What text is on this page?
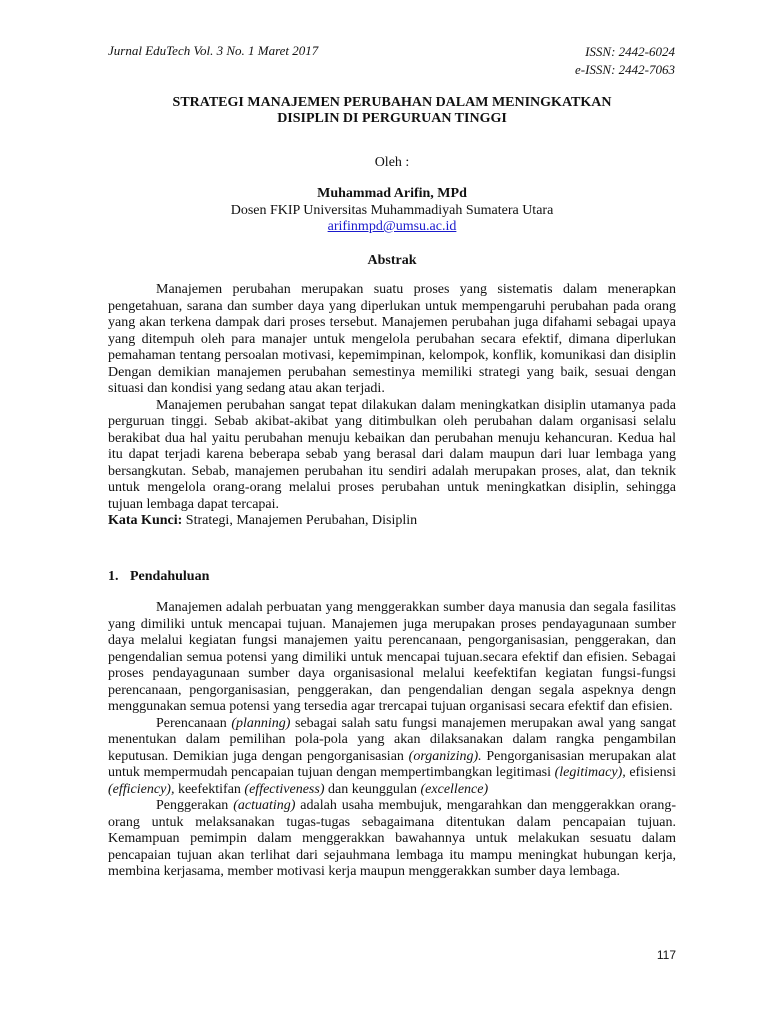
Jurnal EduTech Vol. 3 No. 1 Maret 2017	ISSN: 2442-6024
e-ISSN: 2442-7063
STRATEGI MANAJEMEN PERUBAHAN DALAM MENINGKATKAN
DISIPLIN DI PERGURUAN TINGGI
Oleh :
Muhammad Arifin, MPd
Dosen FKIP Universitas Muhammadiyah Sumatera Utara
arifinmpd@umsu.ac.id
Abstrak

Manajemen perubahan merupakan suatu proses yang sistematis dalam menerapkan pengetahuan, sarana dan sumber daya yang diperlukan untuk mempengaruhi perubahan pada orang yang akan terkena dampak dari proses tersebut. Manajemen perubahan juga difahami sebagai upaya yang ditempuh oleh para manajer untuk mengelola perubahan secara efektif, dimana diperlukan pemahaman tentang persoalan motivasi, kepemimpinan, kelompok, konflik, komunikasi dan disiplin Dengan demikian manajemen perubahan semestinya memiliki strategi yang baik, sesuai dengan situasi dan kondisi yang sedang atau akan terjadi.

Manajemen perubahan sangat tepat dilakukan dalam meningkatkan disiplin utamanya pada perguruan tinggi. Sebab akibat-akibat yang ditimbulkan oleh perubahan dalam organisasi selalu berakibat dua hal yaitu perubahan menuju kebaikan dan perubahan menuju kehancuran. Kedua hal itu dapat terjadi karena beberapa sebab yang berasal dari dalam maupun dari luar lembaga yang bersangkutan. Sebab, manajemen perubahan itu sendiri adalah merupakan proses, alat, dan teknik untuk mengelola orang-orang melalui proses perubahan untuk meningkatkan disiplin, sehingga tujuan lembaga dapat tercapai.

Kata Kunci: Strategi, Manajemen Perubahan, Disiplin

1. Pendahuluan

Manajemen adalah perbuatan yang menggerakkan sumber daya manusia dan segala fasilitas yang dimiliki untuk mencapai tujuan. Manajemen juga merupakan proses pendayagunaan sumber daya melalui kegiatan fungsi manajemen yaitu perencanaan, pengorganisasian, penggerakan, dan pengendalian semua potensi yang dimiliki untuk mencapai tujuan.secara efektif dan efisien. Sebagai proses pendayagunaan sumber daya organisasional melalui keefektifan kegiatan fungsi-fungsi perencanaan, pengorganisasian, penggerakan, dan pengendalian dengan segala aspeknya dengn menggunakan semua potensi yang tersedia agar trercapai tujuan organisasi secara efektif dan efisien.

Perencanaan (planning) sebagai salah satu fungsi manajemen merupakan awal yang sangat menentukan dalam pemilihan pola-pola yang akan dilaksanakan dalam rangka pengambilan keputusan. Demikian juga dengan pengorganisasian (organizing). Pengorganisasian merupakan alat untuk mempermudah pencapaian tujuan dengan mempertimbangkan legitimasi (legitimacy), efisiensi (efficiency), keefektifan (effectiveness) dan keunggulan (excellence)

Penggerakan (actuating) adalah usaha membujuk, mengarahkan dan menggerakkan orang-orang untuk melaksanakan tugas-tugas sebagaimana ditentukan dalam pencapaian tujuan. Kemampuan pemimpin dalam menggerakkan bawahannya untuk melakukan sesuatu dalam pencapaian tujuan akan terlihat dari sejauhmana lembaga itu mampu meningkat hubungan kerja, membina kerjasama, member motivasi kerja maupun menggerakkan sumber daya lembaga.

117
